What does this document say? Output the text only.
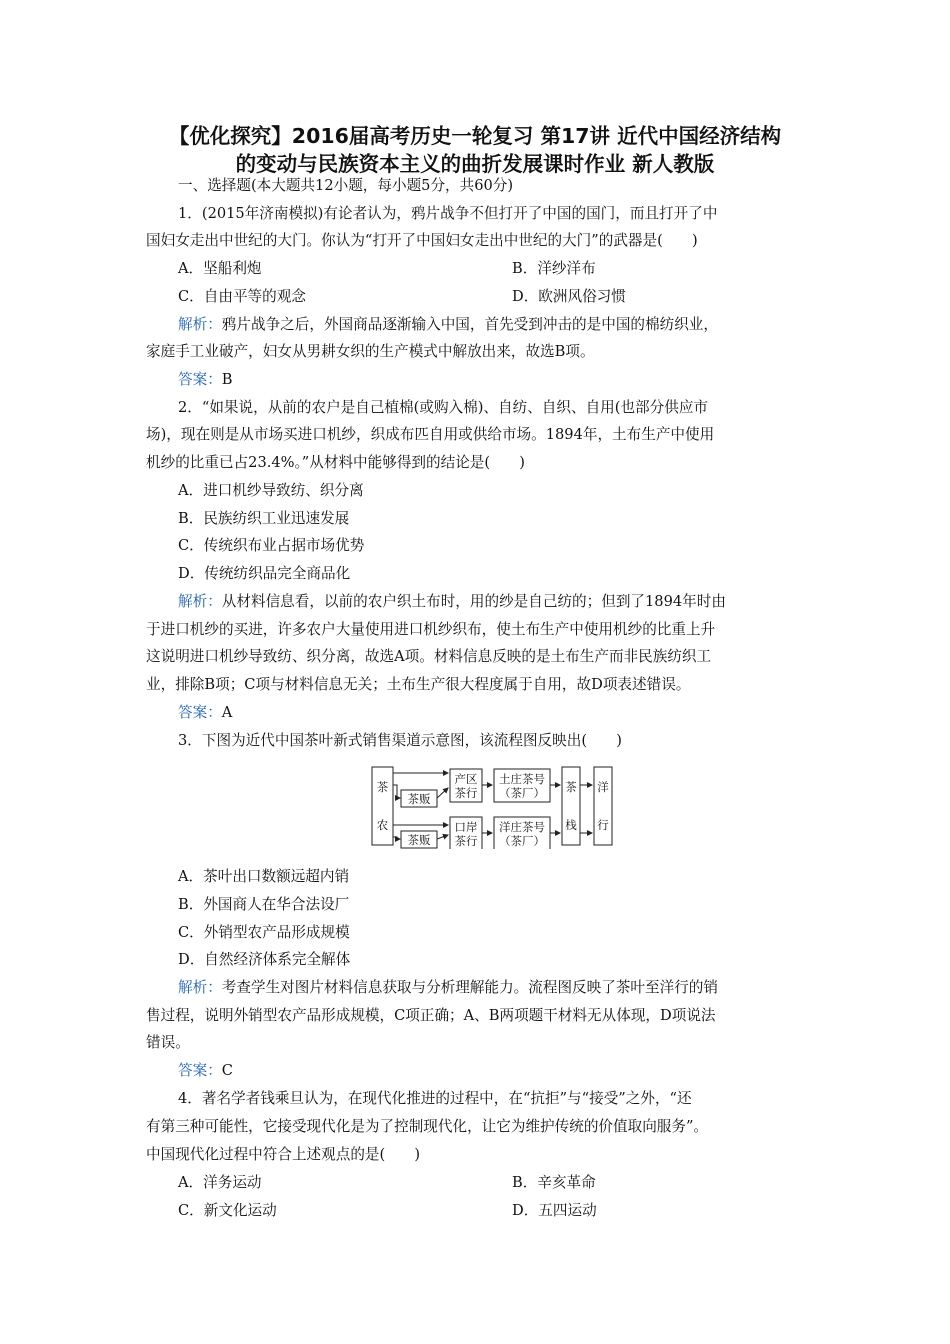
【优化探究】2016届高考历史一轮复习 第17讲 近代中国经济结构
的变动与民族资本主义的曲折发展课时作业 新人教版
一、选择题(本大题共12小题，每小题5分，共60分)
1．(2015年济南模拟)有论者认为，鸦片战争不但打开了中国的国门，而且打开了中
国妇女走出中世纪的大门。你认为“打开了中国妇女走出中世纪的大门”的武器是(　　)
A．坚船利炮	B．洋纱洋布
C．自由平等的观念	D．欧洲风俗习惯
解析：鸦片战争之后，外国商品逐渐输入中国，首先受到冲击的是中国的棉纺织业，
家庭手工业破产，妇女从男耕女织的生产模式中解放出来，故选B项。
答案：B
2．“如果说，从前的农户是自己植棉(或购入棉)、自纺、自织、自用(也部分供应市
场)，现在则是从市场买进口机纱，织成布匹自用或供给市场。1894年，土布生产中使用
机纱的比重已占23.4%。”从材料中能够得到的结论是(　　)
A．进口机纱导致纺、织分离
B．民族纺织工业迅速发展
C．传统织布业占据市场优势
D．传统纺织品完全商品化
解析：从材料信息看，以前的农户织土布时，用的纱是自己纺的；但到了1894年时由
于进口机纱的买进，许多农户大量使用进口机纱织布，使土布生产中使用机纱的比重上升
这说明进口机纱导致纺、织分离，故选A项。材料信息反映的是土布生产而非民族纺织工
业，排除B项；C项与材料信息无关；土布生产很大程度属于自用，故D项表述错误。
答案：A
3．下图为近代中国茶叶新式销售渠道示意图，该流程图反映出(　　)
茶
农
茶贩
茶贩
产区
茶行
口岸
茶行
土庄茶号
（茶厂）
洋庄茶号
（茶厂）
茶
栈
洋
行
A．茶叶出口数额远超内销
B．外国商人在华合法设厂
C．外销型农产品形成规模
D．自然经济体系完全解体
解析：考查学生对图片材料信息获取与分析理解能力。流程图反映了茶叶至洋行的销
售过程，说明外销型农产品形成规模，C项正确；A、B两项题干材料无从体现，D项说法
错误。
答案：C
4．著名学者钱乘旦认为，在现代化推进的过程中，在“抗拒”与“接受”之外，“还
有第三种可能性，它接受现代化是为了控制现代化，让它为维护传统的价值取向服务”。
中国现代化过程中符合上述观点的是(　　)
A．洋务运动	B．辛亥革命
C．新文化运动	D．五四运动
